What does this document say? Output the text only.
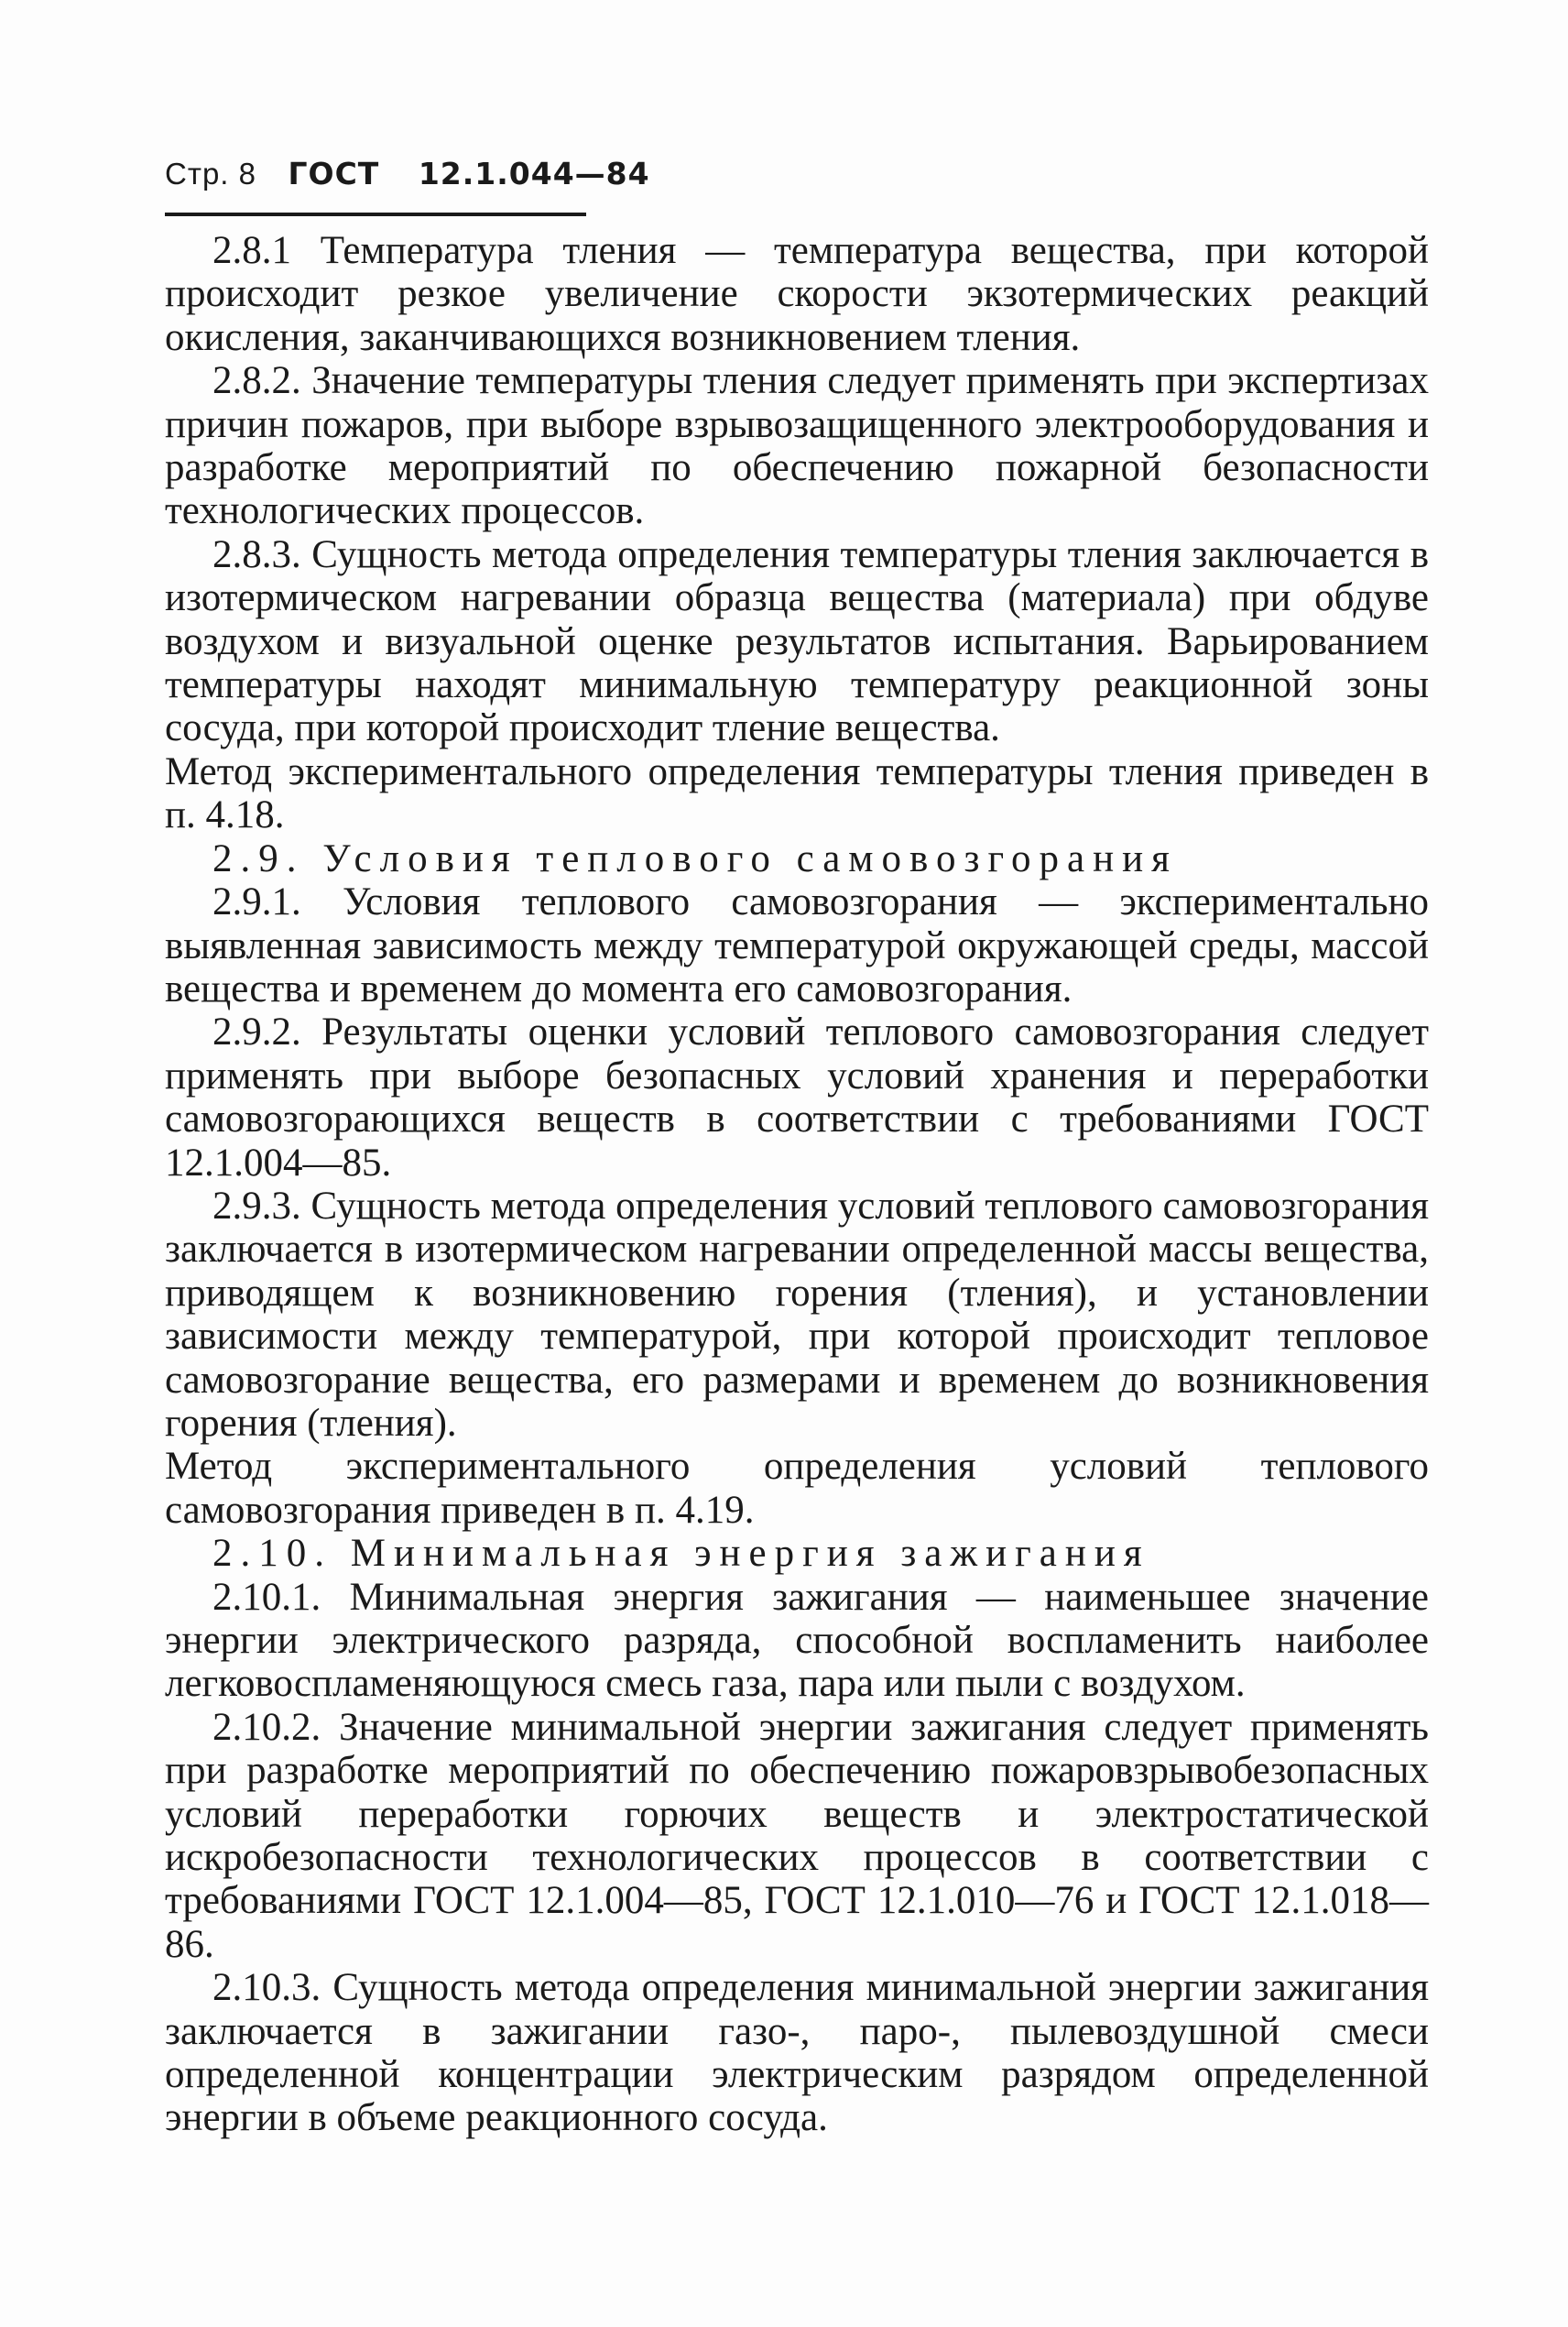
Стр. 8 ГОСТ 12.1.044—84

2.8.1 Температура тления — температура вещества, при которой происходит резкое увеличение скорости экзотермических реакций окисления, заканчивающихся возникновением тления.

2.8.2. Значение температуры тления следует применять при экспертизах причин пожаров, при выборе взрывозащищенного электрооборудования и разработке мероприятий по обеспечению пожарной безопасности технологических процессов.

2.8.3. Сущность метода определения температуры тления заключается в изотермическом нагревании образца вещества (материала) при обдуве воздухом и визуальной оценке результатов испытания. Варьированием температуры находят минимальную температуру реакционной зоны сосуда, при которой происходит тление вещества.

Метод экспериментального определения температуры тления приведен в п. 4.18.

2.9. Условия теплового самовозгорания

2.9.1. Условия теплового самовозгорания — экспериментально выявленная зависимость между температурой окружающей среды, массой вещества и временем до момента его самовозгорания.

2.9.2. Результаты оценки условий теплового самовозгорания следует применять при выборе безопасных условий хранения и переработки самовозгорающихся веществ в соответствии с требованиями ГОСТ 12.1.004—85.

2.9.3. Сущность метода определения условий теплового самовозгорания заключается в изотермическом нагревании определенной массы вещества, приводящем к возникновению горения (тления), и установлении зависимости между температурой, при которой происходит тепловое самовозгорание вещества, его размерами и временем до возникновения горения (тления).

Метод экспериментального определения условий теплового самовозгорания приведен в п. 4.19.

2.10. Минимальная энергия зажигания

2.10.1. Минимальная энергия зажигания — наименьшее значение энергии электрического разряда, способной воспламенить наиболее легковоспламеняющуюся смесь газа, пара или пыли с воздухом.

2.10.2. Значение минимальной энергии зажигания следует применять при разработке мероприятий по обеспечению пожаровзрывобезопасных условий переработки горючих веществ и электростатической искробезопасности технологических процессов в соответствии с требованиями ГОСТ 12.1.004—85, ГОСТ 12.1.010—76 и ГОСТ 12.1.018—86.

2.10.3. Сущность метода определения минимальной энергии зажигания заключается в зажигании газо-, паро-, пылевоздушной смеси определенной концентрации электрическим разрядом определенной энергии в объеме реакционного сосуда.
